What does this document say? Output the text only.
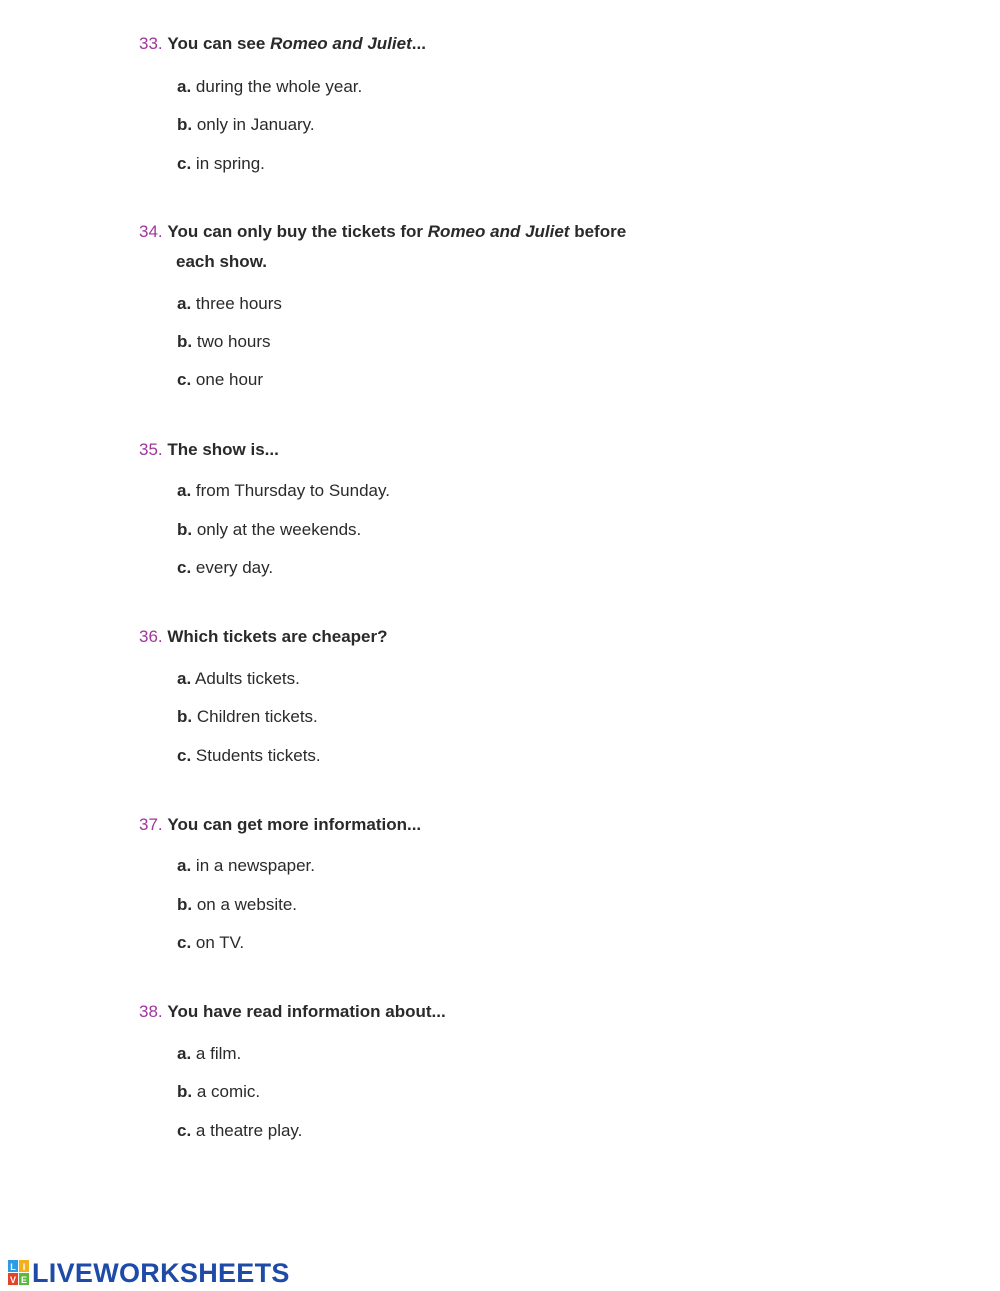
33. You can see Romeo and Juliet...
a. during the whole year.
b. only in January.
c. in spring.
34. You can only buy the tickets for Romeo and Juliet before
each show.
a. three hours
b. two hours
c. one hour
35. The show is...
a. from Thursday to Sunday.
b. only at the weekends.
c. every day.
36. Which tickets are cheaper?
a. Adults tickets.
b. Children tickets.
c. Students tickets.
37. You can get more information...
a. in a newspaper.
b. on a website.
c. on TV.
38. You have read information about...
a. a film.
b. a comic.
c. a theatre play.
L I
V E LIVEWORKSHEETS
